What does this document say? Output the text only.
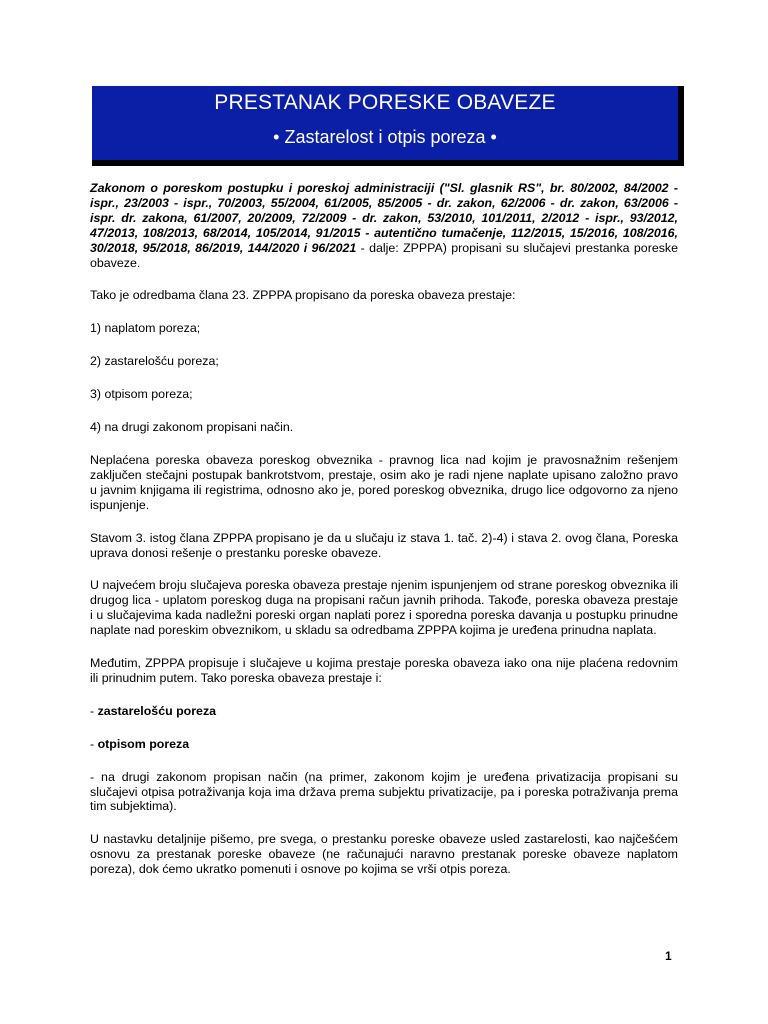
PRESTANAK PORESKE OBAVEZE
• Zastarelost i otpis poreza •

Zakonom o poreskom postupku i poreskoj administraciji ("Sl. glasnik RS", br. 80/2002, 84/2002 - ispr., 23/2003 - ispr., 70/2003, 55/2004, 61/2005, 85/2005 - dr. zakon, 62/2006 - dr. zakon, 63/2006 - ispr. dr. zakona, 61/2007, 20/2009, 72/2009 - dr. zakon, 53/2010, 101/2011, 2/2012 - ispr., 93/2012, 47/2013, 108/2013, 68/2014, 105/2014, 91/2015 - autentično tumačenje, 112/2015, 15/2016, 108/2016, 30/2018, 95/2018, 86/2019, 144/2020 i 96/2021 - dalje: ZPPPA) propisani su slučajevi prestanka poreske obaveze.

Tako je odredbama člana 23. ZPPPA propisano da poreska obaveza prestaje:

1) naplatom poreza;

2) zastarelošću poreza;

3) otpisom poreza;

4) na drugi zakonom propisani način.

Neplaćena poreska obaveza poreskog obveznika - pravnog lica nad kojim je pravosnažnim rešenjem zaključen stečajni postupak bankrotstvom, prestaje, osim ako je radi njene naplate upisano založno pravo u javnim knjigama ili registrima, odnosno ako je, pored poreskog obveznika, drugo lice odgovorno za njeno ispunjenje.

Stavom 3. istog člana ZPPPA propisano je da u slučaju iz stava 1. tač. 2)-4) i stava 2. ovog člana, Poreska uprava donosi rešenje o prestanku poreske obaveze.

U najvećem broju slučajeva poreska obaveza prestaje njenim ispunjenjem od strane poreskog obveznika ili drugog lica - uplatom poreskog duga na propisani račun javnih prihoda. Takođe, poreska obaveza prestaje i u slučajevima kada nadležni poreski organ naplati porez i sporedna poreska davanja u postupku prinudne naplate nad poreskim obveznikom, u skladu sa odredbama ZPPPA kojima je uređena prinudna naplata.

Međutim, ZPPPA propisuje i slučajeve u kojima prestaje poreska obaveza iako ona nije plaćena redovnim ili prinudnim putem. Tako poreska obaveza prestaje i:

- zastarelošću poreza

- otpisom poreza

- na drugi zakonom propisan način (na primer, zakonom kojim je uređena privatizacija propisani su slučajevi otpisa potraživanja koja ima država prema subjektu privatizacije, pa i poreska potraživanja prema tim subjektima).

U nastavku detaljnije pišemo, pre svega, o prestanku poreske obaveze usled zastarelosti, kao najčešćem osnovu za prestanak poreske obaveze (ne računajući naravno prestanak poreske obaveze naplatom poreza), dok ćemo ukratko pomenuti i osnove po kojima se vrši otpis poreza.

1
